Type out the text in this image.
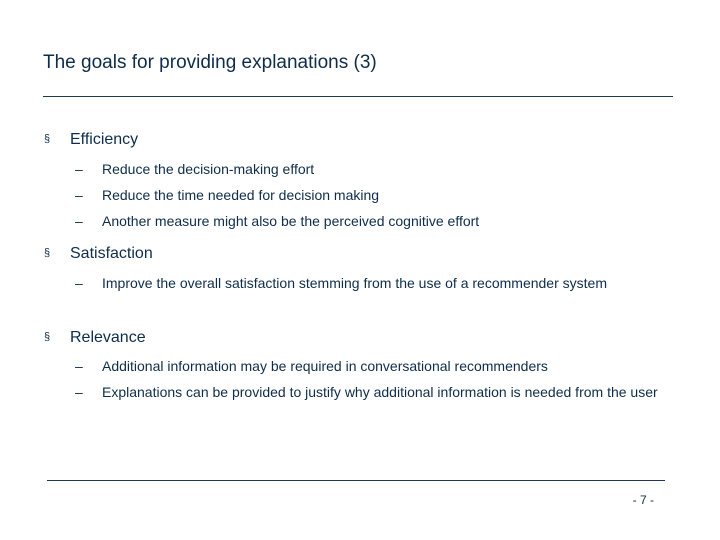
The goals for providing explanations (3)
§	Efficiency
–	Reduce the decision-making effort
–	Reduce the time needed for decision making
–	Another measure might also be the perceived cognitive effort
§	Satisfaction
–	Improve the overall satisfaction stemming from the use of a recommender system
§	Relevance
–	Additional information may be required in conversational recommenders
–	Explanations can be provided to justify why additional information is needed from the user
- 7 -
